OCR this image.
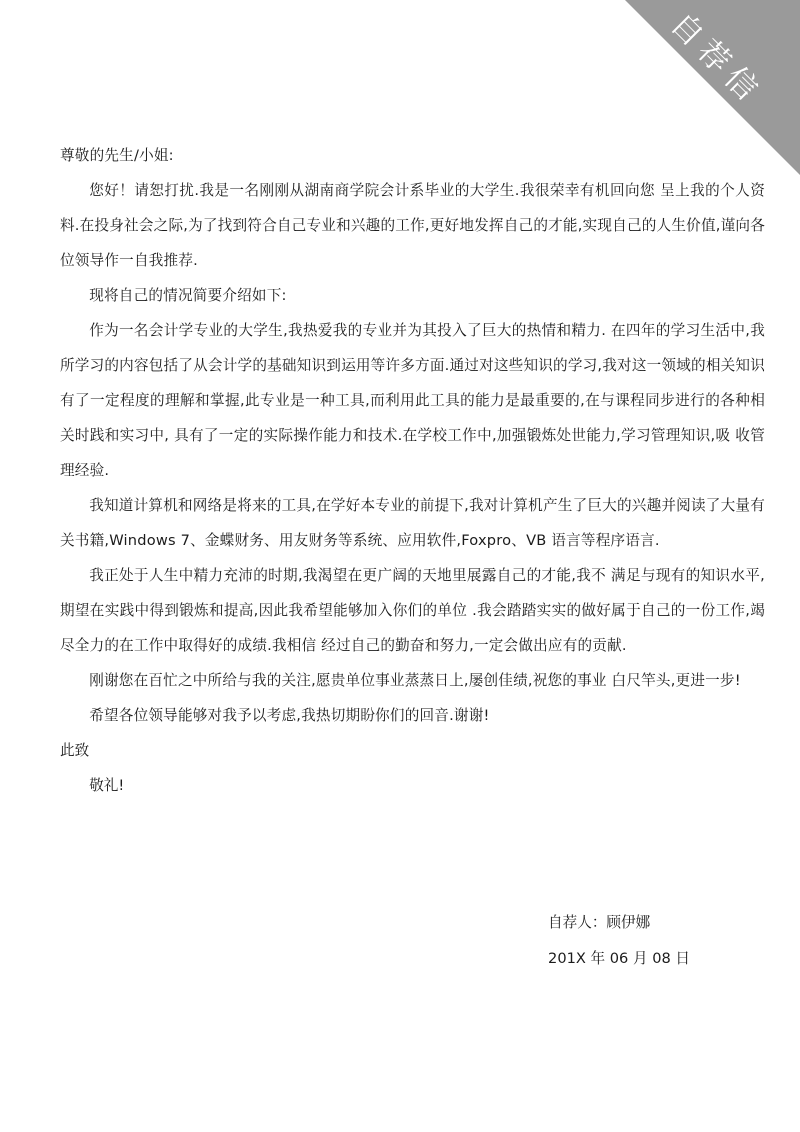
尊敬的先生/小姐:

您好！请恕打扰.我是一名刚刚从湖南商学院会计系毕业的大学生.我很荣幸有机回向您 呈上我的个人资料.在投身社会之际,为了找到符合自己专业和兴趣的工作,更好地发挥自己的才能,实现自己的人生价值,谨向各位领导作一自我推荐.

现将自己的情况简要介绍如下:

作为一名会计学专业的大学生,我热爱我的专业并为其投入了巨大的热情和精力. 在四年的学习生活中,我所学习的内容包括了从会计学的基础知识到运用等许多方面.通过对这些知识的学习,我对这一领域的相关知识有了一定程度的理解和掌握,此专业是一种工具,而利用此工具的能力是最重要的,在与课程同步进行的各种相关时践和实习中, 具有了一定的实际操作能力和技术.在学校工作中,加强锻炼处世能力,学习管理知识,吸 收管理经验.

我知道计算机和网络是将来的工具,在学好本专业的前提下,我对计算机产生了巨大的兴趣并阅读了大量有关书籍,Windows 7、金蝶财务、用友财务等系统、应用软件,Foxpro、VB 语言等程序语言.

我正处于人生中精力充沛的时期,我渴望在更广阔的天地里展露自己的才能,我不 满足与现有的知识水平,期望在实践中得到锻炼和提高,因此我希望能够加入你们的单位 .我会踏踏实实的做好属于自己的一份工作,竭尽全力的在工作中取得好的成绩.我相信 经过自己的勤奋和努力,一定会做出应有的贡献.

刚谢您在百忙之中所给与我的关注,愿贵单位事业蒸蒸日上,屡创佳绩,祝您的事业 白尺竿头,更进一步!

希望各位领导能够对我予以考虑,我热切期盼你们的回音.谢谢!

此致
敬礼!
自荐人：顾伊娜
201X 年 06 月 08 日
自荐信
